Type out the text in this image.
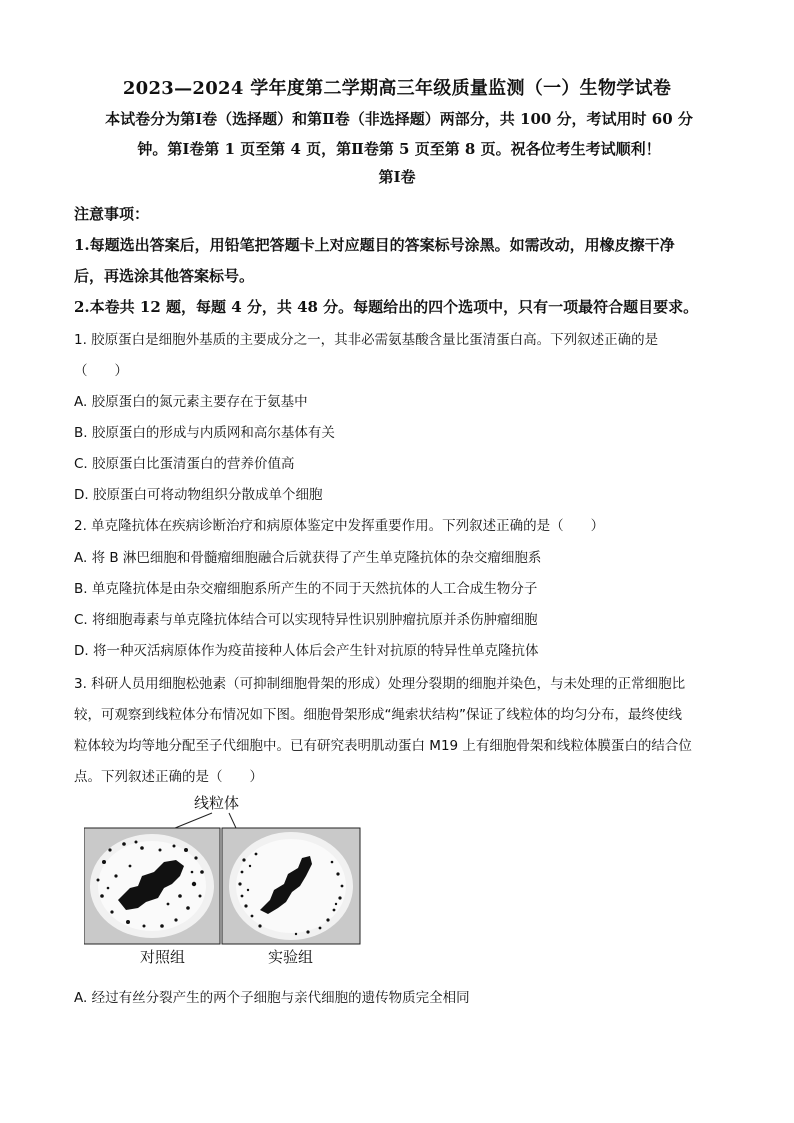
2023—2024 学年度第二学期高三年级质量监测（一）生物学试卷
本试卷分为第Ⅰ卷（选择题）和第Ⅱ卷（非选择题）两部分，共 100 分，考试用时 60 分
钟。第Ⅰ卷第 1 页至第 4 页，第Ⅱ卷第 5 页至第 8 页。祝各位考生考试顺利！
第Ⅰ卷
注意事项：
1.每题选出答案后，用铅笔把答题卡上对应题目的答案标号涂黑。如需改动，用橡皮擦干净
后，再选涂其他答案标号。
2.本卷共 12 题，每题 4 分，共 48 分。每题给出的四个选项中，只有一项最符合题目要求。
1. 胶原蛋白是细胞外基质的主要成分之一，其非必需氨基酸含量比蛋清蛋白高。下列叙述正确的是
（　　）
A. 胶原蛋白的氮元素主要存在于氨基中
B. 胶原蛋白的形成与内质网和高尔基体有关
C. 胶原蛋白比蛋清蛋白的营养价值高
D. 胶原蛋白可将动物组织分散成单个细胞
2. 单克隆抗体在疾病诊断治疗和病原体鉴定中发挥重要作用。下列叙述正确的是（　　）
A. 将 B 淋巴细胞和骨髓瘤细胞融合后就获得了产生单克隆抗体的杂交瘤细胞系
B. 单克隆抗体是由杂交瘤细胞系所产生的不同于天然抗体的人工合成生物分子
C. 将细胞毒素与单克隆抗体结合可以实现特异性识别肿瘤抗原并杀伤肿瘤细胞
D. 将一种灭活病原体作为疫苗接种人体后会产生针对抗原的特异性单克隆抗体
3. 科研人员用细胞松弛素（可抑制细胞骨架的形成）处理分裂期的细胞并染色，与未处理的正常细胞比
较，可观察到线粒体分布情况如下图。细胞骨架形成“绳索状结构”保证了线粒体的均匀分布，最终使线
粒体较为均等地分配至子代细胞中。已有研究表明肌动蛋白 M19 上有细胞骨架和线粒体膜蛋白的结合位
点。下列叙述正确的是（　　）
线粒体
对照组	实验组
A. 经过有丝分裂产生的两个子细胞与亲代细胞的遗传物质完全相同
